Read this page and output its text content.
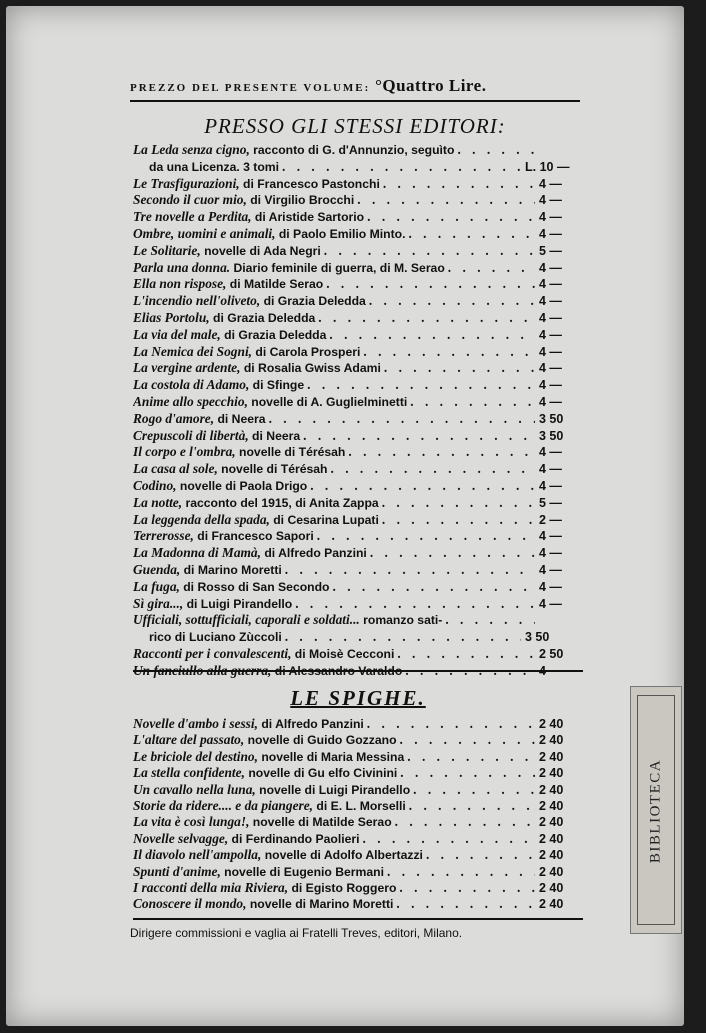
PREZZO DEL PRESENTE VOLUME: °Quattro Lire.
PRESSO GLI STESSI EDITORI:
La Leda senza cigno,
racconto di G. d'Annunzio, seguìto
. . .
da una Licenza. 3 tomi . . .	L. 10 —
Le Trasfigurazioni,
di Francesco Pastonchi . . .	4 —
Secondo il cuor mio,
di Virgilio Brocchi . . .	4 —
Tre novelle a Perdita,
di Aristide Sartorio . . .	4 —
Ombre, uomini e animali,
di Paolo Emilio Minto. . . .	4 —
Le Solitarie,
novelle di Ada Negri . . .	5 —
Parla una donna.
Diario feminile di guerra, di M. Serao . . .	4 —
Ella non rispose,
di Matilde Serao . . .	4 —
L'incendio nell'oliveto,
di Grazia Deledda . . .	4 —
Elias Portolu,
di Grazia Deledda . . .	4 —
La via del male,
di Grazia Deledda . . .	4 —
La Nemica dei Sogni,
di Carola Prosperi . . .	4 —
La vergine ardente,
di Rosalia Gwiss Adami . . .	4 —
La costola di Adamo,
di Sfinge . . .	4 —
Anime allo specchio,
novelle di A. Guglielminetti . . .	4 —
Rogo d'amore,
di Neera . . .	3 50
Crepuscoli di libertà,
di Neera . . .	3 50
Il corpo e l'ombra,
novelle di Térésah . . .	4 —
La casa al sole,
novelle di Térésah . . .	4 —
Codino,
novelle di Paola Drigo . . .	4 —
La notte,
racconto del 1915, di Anita Zappa . . .	5 —
La leggenda della spada,
di Cesarina Lupati . . .	2 —
Terrerosse,
di Francesco Sapori . . .	4 —
La Madonna di Mamà,
di Alfredo Panzini . . .	4 —
Guenda,
di Marino Moretti . . .	4 —
La fuga,
di Rosso di San Secondo . . .	4 —
Sì gira...,
di Luigi Pirandello . . .	4 —
Ufficiali, sottufficiali, caporali e soldati...
romanzo sati-
. . .
rico di Luciano Zùccoli . . .	3 50
Racconti per i convalescenti,
di Moisè Cecconi . . .	2 50
Un fanciullo alla guerra,
di Alessandro Varaldo . . .	4 —
LE SPIGHE.
Novelle d'ambo i sessi,
di Alfredo Panzini . . .	2 40
L'altare del passato,
novelle di Guido Gozzano . . .	2 40
Le briciole del destino,
novelle di Maria Messina . . .	2 40
La stella confidente,
novelle di Gu elfo Civinini . . .	2 40
Un cavallo nella luna,
novelle di Luigi Pirandello . . .	2 40
Storie da ridere.... e da piangere,
di E. L. Morselli . . .	2 40
La vita è così lunga!,
novelle di Matilde Serao . . .	2 40
Novelle selvagge,
di Ferdinando Paolieri . . .	2 40
Il diavolo nell'ampolla,
novelle di Adolfo Albertazzi . . .	2 40
Spunti d'anime,
novelle di Eugenio Bermani . . .	2 40
I racconti della mia Riviera,
di Egisto Roggero . . .	2 40
Conoscere il mondo,
novelle di Marino Moretti . . .	2 40
Dirigere commissioni e vaglia ai Fratelli Treves, editori, Milano.
BIBLIOTECA
